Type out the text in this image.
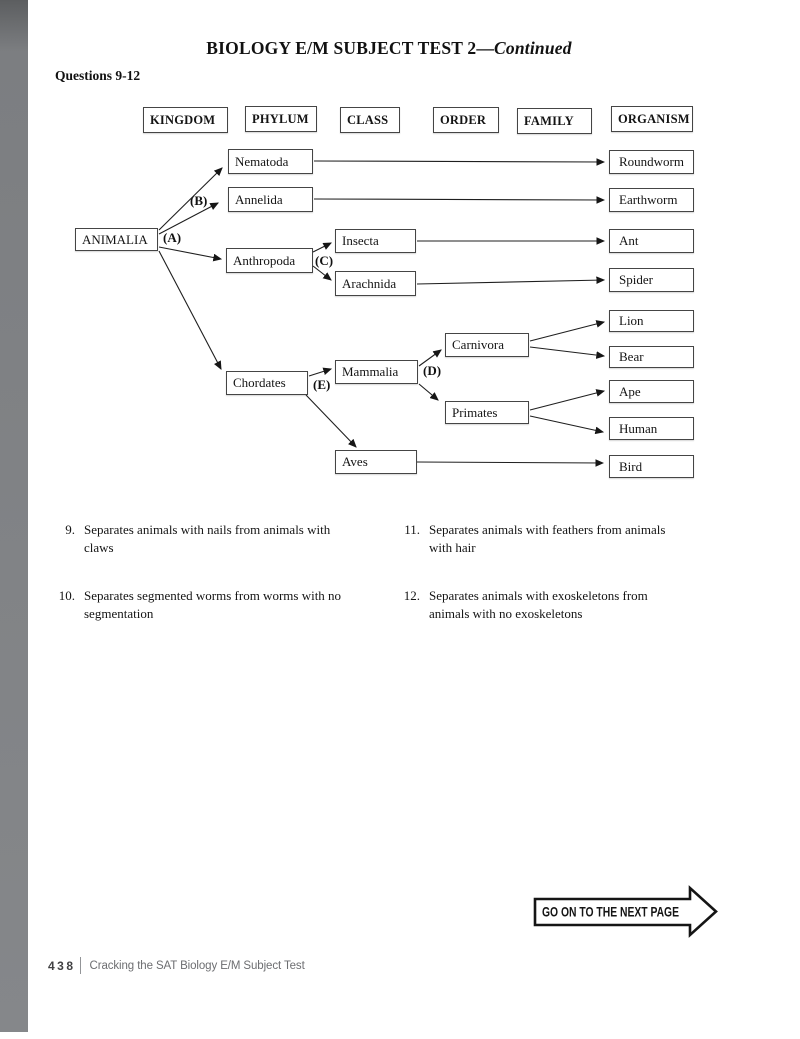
BIOLOGY E/M SUBJECT TEST 2—Continued
Questions 9-12
KINGDOM	PHYLUM	CLASS	ORDER	FAMILY	ORGANISM
ANIMALIA
Nematoda
Annelida
Anthropoda
Insecta
Arachnida
Chordates
Mammalia
Carnivora
Primates
Aves
Roundworm
Earthworm
Ant
Spider
Lion
Bear
Ape
Human
Bird
(A)
(B)
(C)
(D)
(E)
9. Separates animals with nails from animals with
claws
10. Separates segmented worms from worms with no
segmentation
11. Separates animals with feathers from animals
with hair
12. Separates animals with exoskeletons from
animals with no exoskeletons
GO ON TO THE NEXT PAGE
438 Cracking the SAT Biology E/M Subject Test
